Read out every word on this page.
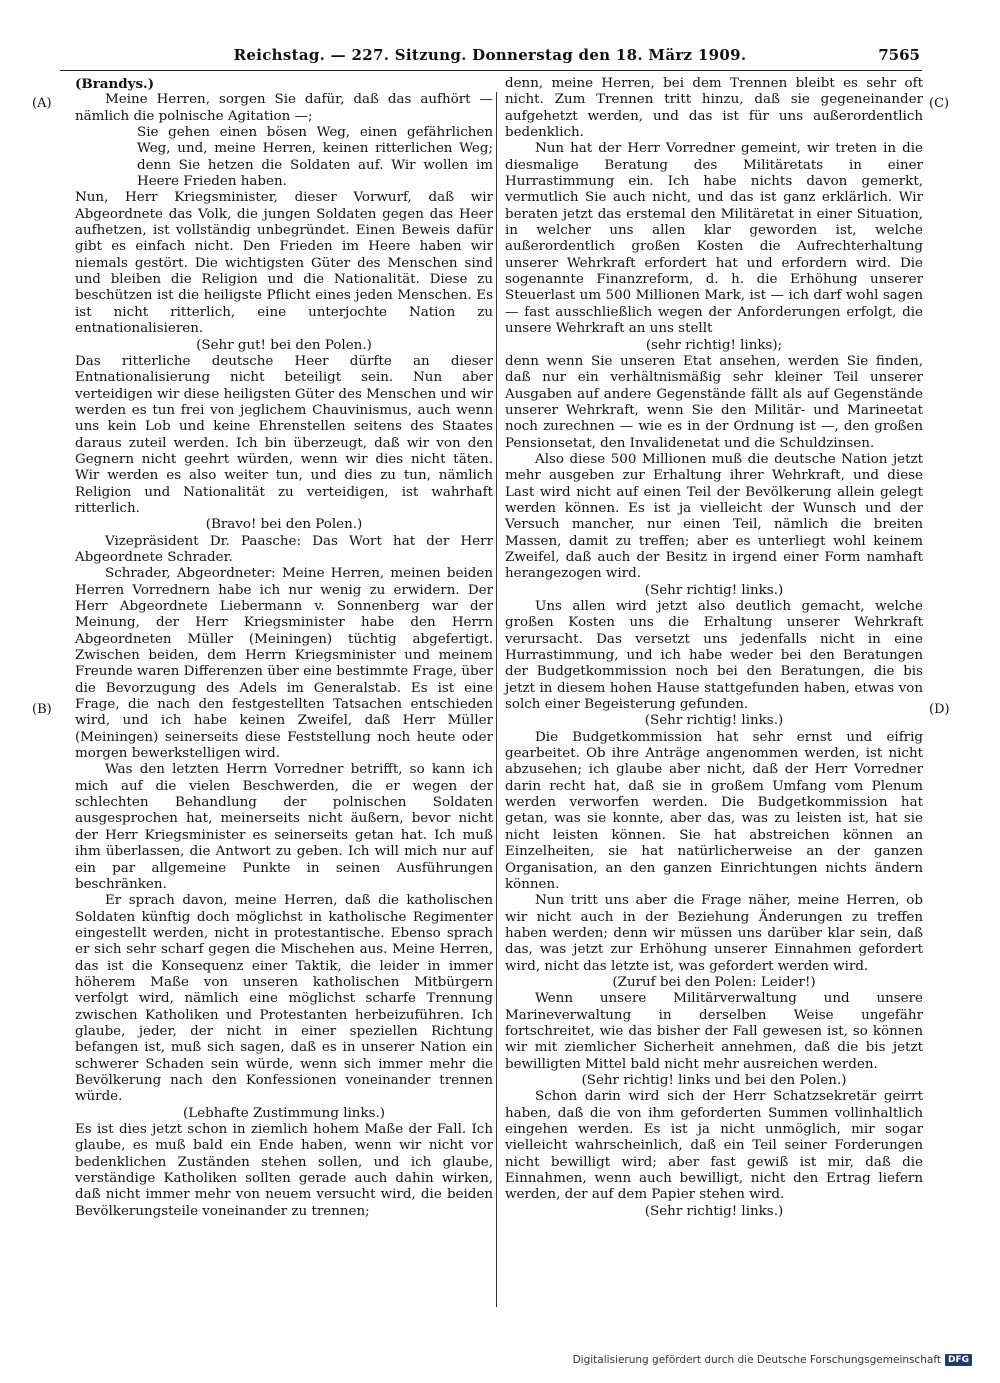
Reichstag. — 227. Sitzung. Donnerstag den 18. März 1909.	7565
(A)
(B)
(C)
(D)

(Brandys.)

Meine Herren, sorgen Sie dafür, daß das aufhört — nämlich die polnische Agitation —;

Sie gehen einen bösen Weg, einen gefährlichen Weg, und, meine Herren, keinen ritterlichen Weg; denn Sie hetzen die Soldaten auf. Wir wollen im Heere Frieden haben.

Nun, Herr Kriegsminister, dieser Vorwurf, daß wir Abgeordnete das Volk, die jungen Soldaten gegen das Heer aufhetzen, ist vollständig unbegründet. Einen Beweis dafür gibt es einfach nicht. Den Frieden im Heere haben wir niemals gestört. Die wichtigsten Güter des Menschen sind und bleiben die Religion und die Nationalität. Diese zu beschützen ist die heiligste Pflicht eines jeden Menschen. Es ist nicht ritterlich, eine unterjochte Nation zu entnationalisieren.

(Sehr gut! bei den Polen.)

Das ritterliche deutsche Heer dürfte an dieser Entnationalisierung nicht beteiligt sein. Nun aber verteidigen wir diese heiligsten Güter des Menschen und wir werden es tun frei von jeglichem Chauvinismus, auch wenn uns kein Lob und keine Ehrenstellen seitens des Staates daraus zuteil werden. Ich bin überzeugt, daß wir von den Gegnern nicht geehrt würden, wenn wir dies nicht täten. Wir werden es also weiter tun, und dies zu tun, nämlich Religion und Nationalität zu verteidigen, ist wahrhaft ritterlich.

(Bravo! bei den Polen.)

Vizepräsident Dr. Paasche: Das Wort hat der Herr Abgeordnete Schrader.

Schrader, Abgeordneter: Meine Herren, meinen beiden Herren Vorrednern habe ich nur wenig zu erwidern. Der Herr Abgeordnete Liebermann v. Sonnenberg war der Meinung, der Herr Kriegsminister habe den Herrn Abgeordneten Müller (Meiningen) tüchtig abgefertigt. Zwischen beiden, dem Herrn Kriegsminister und meinem Freunde waren Differenzen über eine bestimmte Frage, über die Bevorzugung des Adels im Generalstab. Es ist eine Frage, die nach den festgestellten Tatsachen entschieden wird, und ich habe keinen Zweifel, daß Herr Müller (Meiningen) seinerseits diese Feststellung noch heute oder morgen bewerkstelligen wird.

Was den letzten Herrn Vorredner betrifft, so kann ich mich auf die vielen Beschwerden, die er wegen der schlechten Behandlung der polnischen Soldaten ausgesprochen hat, meinerseits nicht äußern, bevor nicht der Herr Kriegsminister es seinerseits getan hat. Ich muß ihm überlassen, die Antwort zu geben. Ich will mich nur auf ein par allgemeine Punkte in seinen Ausführungen beschränken.

Er sprach davon, meine Herren, daß die katholischen Soldaten künftig doch möglichst in katholische Regimenter eingestellt werden, nicht in protestantische. Ebenso sprach er sich sehr scharf gegen die Mischehen aus. Meine Herren, das ist die Konsequenz einer Taktik, die leider in immer höherem Maße von unseren katholischen Mitbürgern verfolgt wird, nämlich eine möglichst scharfe Trennung zwischen Katholiken und Protestanten herbeizuführen. Ich glaube, jeder, der nicht in einer speziellen Richtung befangen ist, muß sich sagen, daß es in unserer Nation ein schwerer Schaden sein würde, wenn sich immer mehr die Bevölkerung nach den Konfessionen voneinander trennen würde.

(Lebhafte Zustimmung links.)

Es ist dies jetzt schon in ziemlich hohem Maße der Fall. Ich glaube, es muß bald ein Ende haben, wenn wir nicht vor bedenklichen Zuständen stehen sollen, und ich glaube, verständige Katholiken sollten gerade auch dahin wirken, daß nicht immer mehr von neuem versucht wird, die beiden Bevölkerungsteile voneinander zu trennen;

denn, meine Herren, bei dem Trennen bleibt es sehr oft nicht. Zum Trennen tritt hinzu, daß sie gegeneinander aufgehetzt werden, und das ist für uns außerordentlich bedenklich.

Nun hat der Herr Vorredner gemeint, wir treten in die diesmalige Beratung des Militäretats in einer Hurrastimmung ein. Ich habe nichts davon gemerkt, vermutlich Sie auch nicht, und das ist ganz erklärlich. Wir beraten jetzt das erstemal den Militäretat in einer Situation, in welcher uns allen klar geworden ist, welche außerordentlich großen Kosten die Aufrechterhaltung unserer Wehrkraft erfordert hat und erfordern wird. Die sogenannte Finanzreform, d. h. die Erhöhung unserer Steuerlast um 500 Millionen Mark, ist — ich darf wohl sagen — fast ausschließlich wegen der Anforderungen erfolgt, die unsere Wehrkraft an uns stellt

(sehr richtig! links);

denn wenn Sie unseren Etat ansehen, werden Sie finden, daß nur ein verhältnismäßig sehr kleiner Teil unserer Ausgaben auf andere Gegenstände fällt als auf Gegenstände unserer Wehrkraft, wenn Sie den Militär- und Marineetat noch zurechnen — wie es in der Ordnung ist —, den großen Pensionsetat, den Invalidenetat und die Schuldzinsen.

Also diese 500 Millionen muß die deutsche Nation jetzt mehr ausgeben zur Erhaltung ihrer Wehrkraft, und diese Last wird nicht auf einen Teil der Bevölkerung allein gelegt werden können. Es ist ja vielleicht der Wunsch und der Versuch mancher, nur einen Teil, nämlich die breiten Massen, damit zu treffen; aber es unterliegt wohl keinem Zweifel, daß auch der Besitz in irgend einer Form namhaft herangezogen wird.

(Sehr richtig! links.)

Uns allen wird jetzt also deutlich gemacht, welche großen Kosten uns die Erhaltung unserer Wehrkraft verursacht. Das versetzt uns jedenfalls nicht in eine Hurrastimmung, und ich habe weder bei den Beratungen der Budgetkommission noch bei den Beratungen, die bis jetzt in diesem hohen Hause stattgefunden haben, etwas von solch einer Begeisterung gefunden.

(Sehr richtig! links.)

Die Budgetkommission hat sehr ernst und eifrig gearbeitet. Ob ihre Anträge angenommen werden, ist nicht abzusehen; ich glaube aber nicht, daß der Herr Vorredner darin recht hat, daß sie in großem Umfang vom Plenum werden verworfen werden. Die Budgetkommission hat getan, was sie konnte, aber das, was zu leisten ist, hat sie nicht leisten können. Sie hat abstreichen können an Einzelheiten, sie hat natürlicherweise an der ganzen Organisation, an den ganzen Einrichtungen nichts ändern können.

Nun tritt uns aber die Frage näher, meine Herren, ob wir nicht auch in der Beziehung Änderungen zu treffen haben werden; denn wir müssen uns darüber klar sein, daß das, was jetzt zur Erhöhung unserer Einnahmen gefordert wird, nicht das letzte ist, was gefordert werden wird.

(Zuruf bei den Polen: Leider!)

Wenn unsere Militärverwaltung und unsere Marineverwaltung in derselben Weise ungefähr fortschreitet, wie das bisher der Fall gewesen ist, so können wir mit ziemlicher Sicherheit annehmen, daß die bis jetzt bewilligten Mittel bald nicht mehr ausreichen werden.

(Sehr richtig! links und bei den Polen.)

Schon darin wird sich der Herr Schatzsekretär geirrt haben, daß die von ihm geforderten Summen vollinhaltlich eingehen werden. Es ist ja nicht unmöglich, mir sogar vielleicht wahrscheinlich, daß ein Teil seiner Forderungen nicht bewilligt wird; aber fast gewiß ist mir, daß die Einnahmen, wenn auch bewilligt, nicht den Ertrag liefern werden, der auf dem Papier stehen wird.

(Sehr richtig! links.)

Digitalisierung gefördert durch die Deutsche Forschungsgemeinschaft DFG
